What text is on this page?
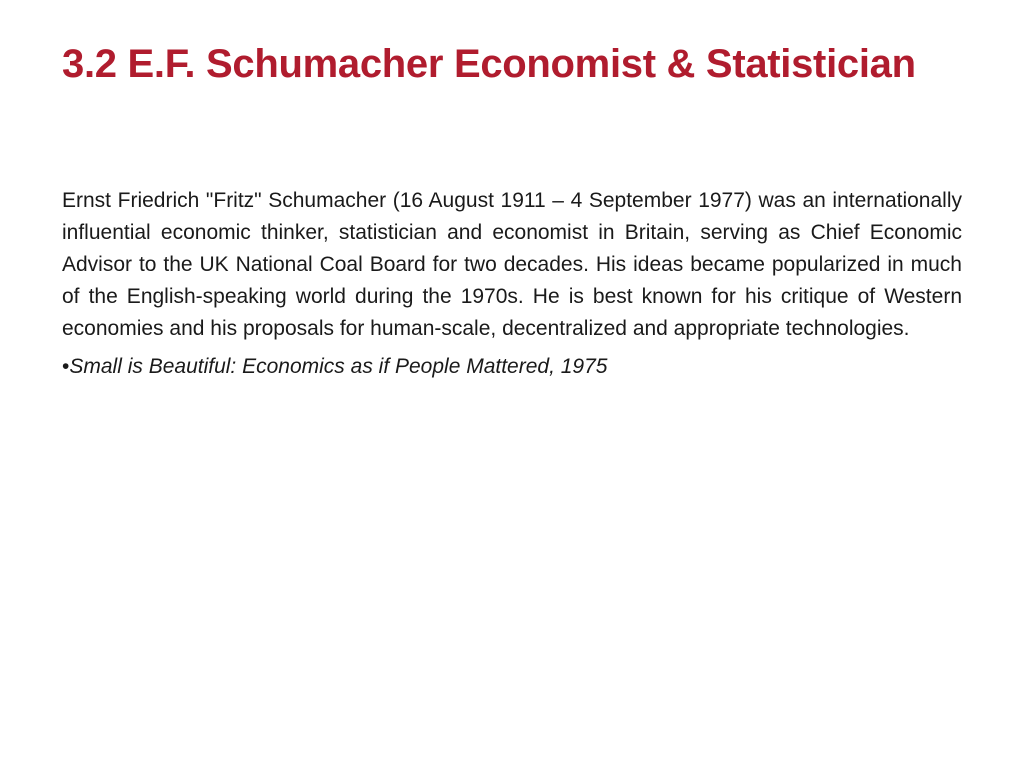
3.2 E.F. Schumacher Economist & Statistician

Ernst Friedrich "Fritz" Schumacher (16 August 1911 – 4 September 1977) was an internationally influential economic thinker, statistician and economist in Britain, serving as Chief Economic Advisor to the UK National Coal Board for two decades. His ideas became popularized in much of the English-speaking world during the 1970s. He is best known for his critique of Western economies and his proposals for human-scale, decentralized and appropriate technologies.

•Small is Beautiful: Economics as if People Mattered, 1975
